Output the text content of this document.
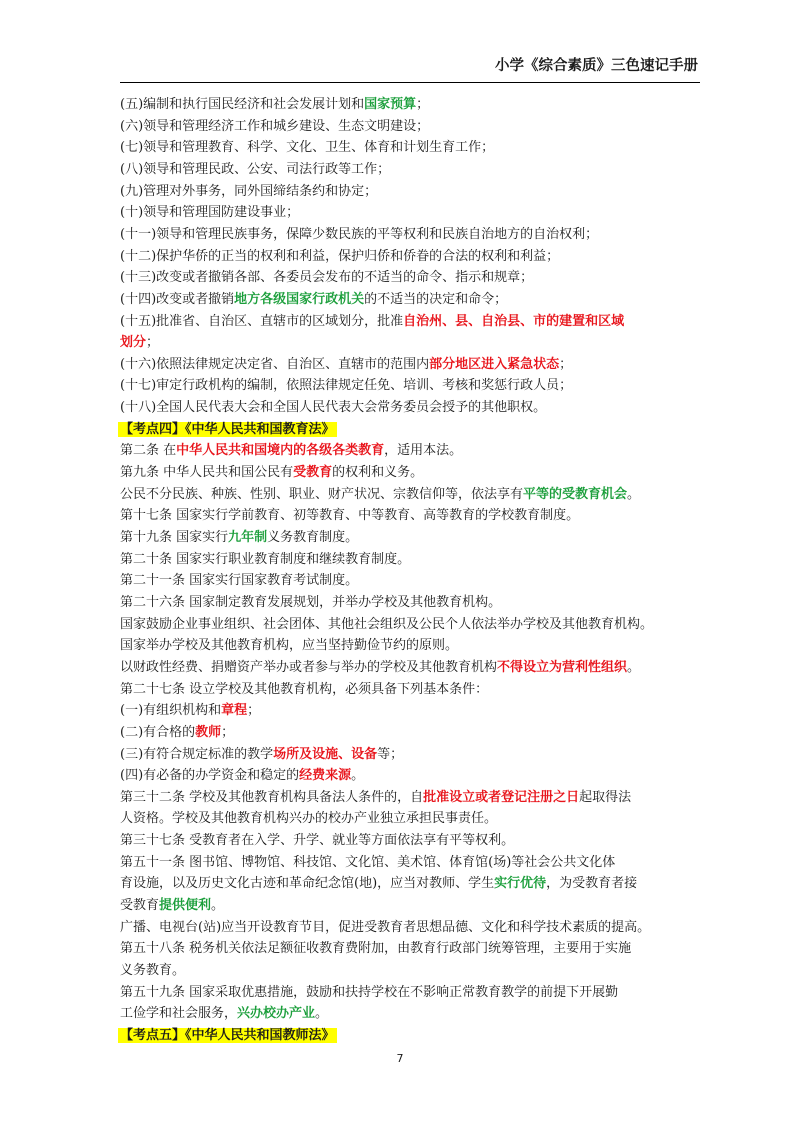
小学《综合素质》三色速记手册
(五)编制和执行国民经济和社会发展计划和国家预算；
(六)领导和管理经济工作和城乡建设、生态文明建设；
(七)领导和管理教育、科学、文化、卫生、体育和计划生育工作；
(八)领导和管理民政、公安、司法行政等工作；
(九)管理对外事务，同外国缔结条约和协定；
(十)领导和管理国防建设事业；
(十一)领导和管理民族事务，保障少数民族的平等权利和民族自治地方的自治权利；
(十二)保护华侨的正当的权利和利益，保护归侨和侨眷的合法的权利和利益；
(十三)改变或者撤销各部、各委员会发布的不适当的命令、指示和规章；
(十四)改变或者撤销地方各级国家行政机关的不适当的决定和命令；
(十五)批准省、自治区、直辖市的区域划分，批准自治州、县、自治县、市的建置和区域
划分；
(十六)依照法律规定决定省、自治区、直辖市的范围内部分地区进入紧急状态；
(十七)审定行政机构的编制，依照法律规定任免、培训、考核和奖惩行政人员；
(十八)全国人民代表大会和全国人民代表大会常务委员会授予的其他职权。
【考点四】《中华人民共和国教育法》
第二条 在中华人民共和国境内的各级各类教育，适用本法。
第九条 中华人民共和国公民有受教育的权利和义务。
公民不分民族、种族、性别、职业、财产状况、宗教信仰等，依法享有平等的受教育机会。
第十七条 国家实行学前教育、初等教育、中等教育、高等教育的学校教育制度。
第十九条 国家实行九年制义务教育制度。
第二十条 国家实行职业教育制度和继续教育制度。
第二十一条 国家实行国家教育考试制度。
第二十六条 国家制定教育发展规划，并举办学校及其他教育机构。
国家鼓励企业事业组织、社会团体、其他社会组织及公民个人依法举办学校及其他教育机构。
国家举办学校及其他教育机构，应当坚持勤俭节约的原则。
以财政性经费、捐赠资产举办或者参与举办的学校及其他教育机构不得设立为营利性组织。
第二十七条 设立学校及其他教育机构，必须具备下列基本条件：
(一)有组织机构和章程；
(二)有合格的教师；
(三)有符合规定标准的教学场所及设施、设备等；
(四)有必备的办学资金和稳定的经费来源。
第三十二条 学校及其他教育机构具备法人条件的，自批准设立或者登记注册之日起取得法
人资格。学校及其他教育机构兴办的校办产业独立承担民事责任。
第三十七条 受教育者在入学、升学、就业等方面依法享有平等权利。
第五十一条 图书馆、博物馆、科技馆、文化馆、美术馆、体育馆(场)等社会公共文化体
育设施，以及历史文化古迹和革命纪念馆(地)，应当对教师、学生实行优待，为受教育者接
受教育提供便利。
广播、电视台(站)应当开设教育节目，促进受教育者思想品德、文化和科学技术素质的提高。
第五十八条 税务机关依法足额征收教育费附加，由教育行政部门统筹管理，主要用于实施
义务教育。
第五十九条 国家采取优惠措施，鼓励和扶持学校在不影响正常教育教学的前提下开展勤
工俭学和社会服务，兴办校办产业。
【考点五】《中华人民共和国教师法》
7
